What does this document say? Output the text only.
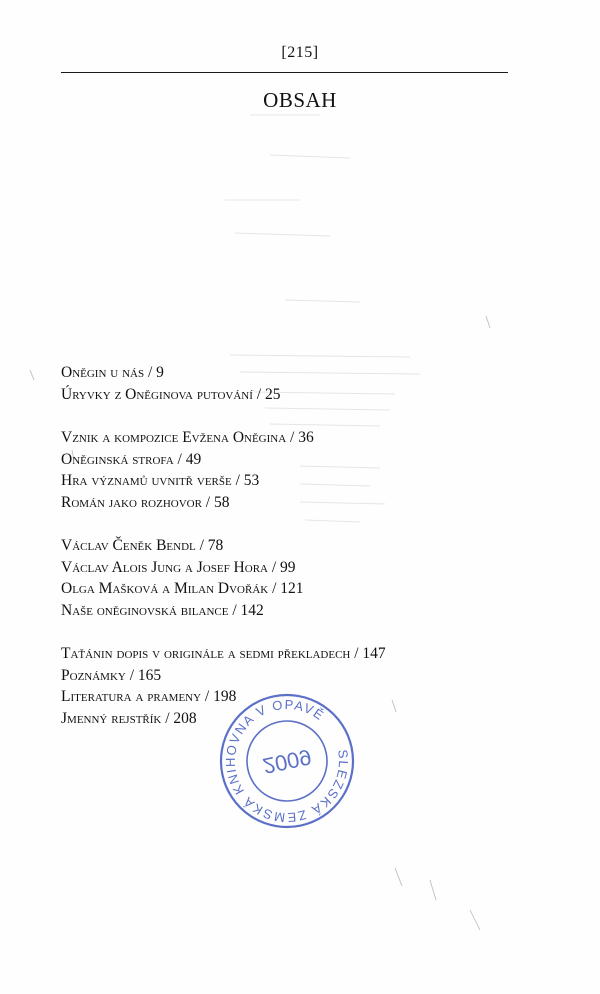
[215]
OBSAH
Oněgin u nás / 9
Úryvky z Oněginova putování / 25
Vznik a kompozice Evžena Oněgina / 36
Oněginská strofa / 49
Hra významů uvnitř verše / 53
Román jako rozhovor / 58
Václav Čeněk Bendl / 78
Václav Alois Jung a Josef Hora / 99
Olga Mašková a Milan Dvořák / 121
Naše oněginovská bilance / 142
Taťánin dopis v originále a sedmi překladech / 147
Poznámky / 165
Literatura a prameny / 198
Jmenný rejstřík / 208
SLEZSKÁ ZEMSKÁ KNIHOVNA V OPAVĚ
2009
